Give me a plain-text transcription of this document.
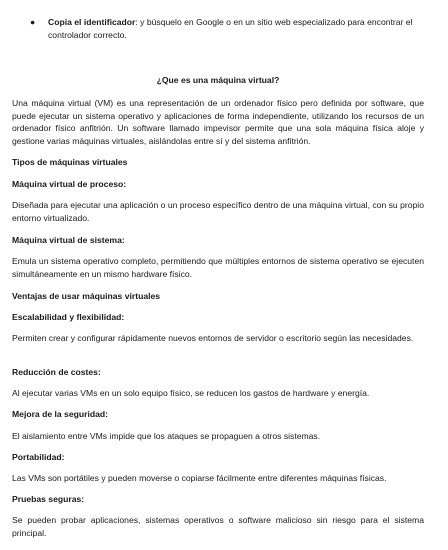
● Copia el identificador: y búsquelo en Google o en un sitio web especializado para encontrar el controlador correcto.
¿Que es una máquina virtual?
Una máquina virtual (VM) es una representación de un ordenador físico pero definida por software, que puede ejecutar un sistema operativo y aplicaciones de forma independiente, utilizando los recursos de un ordenador físico anfitrión. Un software llamado impevisor permite que una sola máquina física aloje y gestione varias máquinas virtuales, aislándolas entre sí y del sistema anfitrión.
Tipos de máquinas virtuales
Máquina virtual de proceso:
Diseñada para ejecutar una aplicación o un proceso específico dentro de una máquina virtual, con su propio entorno virtualizado.
Máquina virtual de sistema:
Emula un sistema operativo completo, permitiendo que múltiples entornos de sistema operativo se ejecuten simultáneamente en un mismo hardware físico.
Ventajas de usar máquinas virtuales
Escalabilidad y flexibilidad:
Permiten crear y configurar rápidamente nuevos entornos de servidor o escritorio según las necesidades.
Reducción de costes:
Al ejecutar varias VMs en un solo equipo físico, se reducen los gastos de hardware y energía.
Mejora de la seguridad:
El aislamiento entre VMs impide que los ataques se propaguen a otros sistemas.
Portabilidad:
Las VMs son portátiles y pueden moverse o copiarse fácilmente entre diferentes máquinas físicas.
Pruebas seguras:
Se pueden probar aplicaciones, sistemas operativos o software malicioso sin riesgo para el sistema principal.
